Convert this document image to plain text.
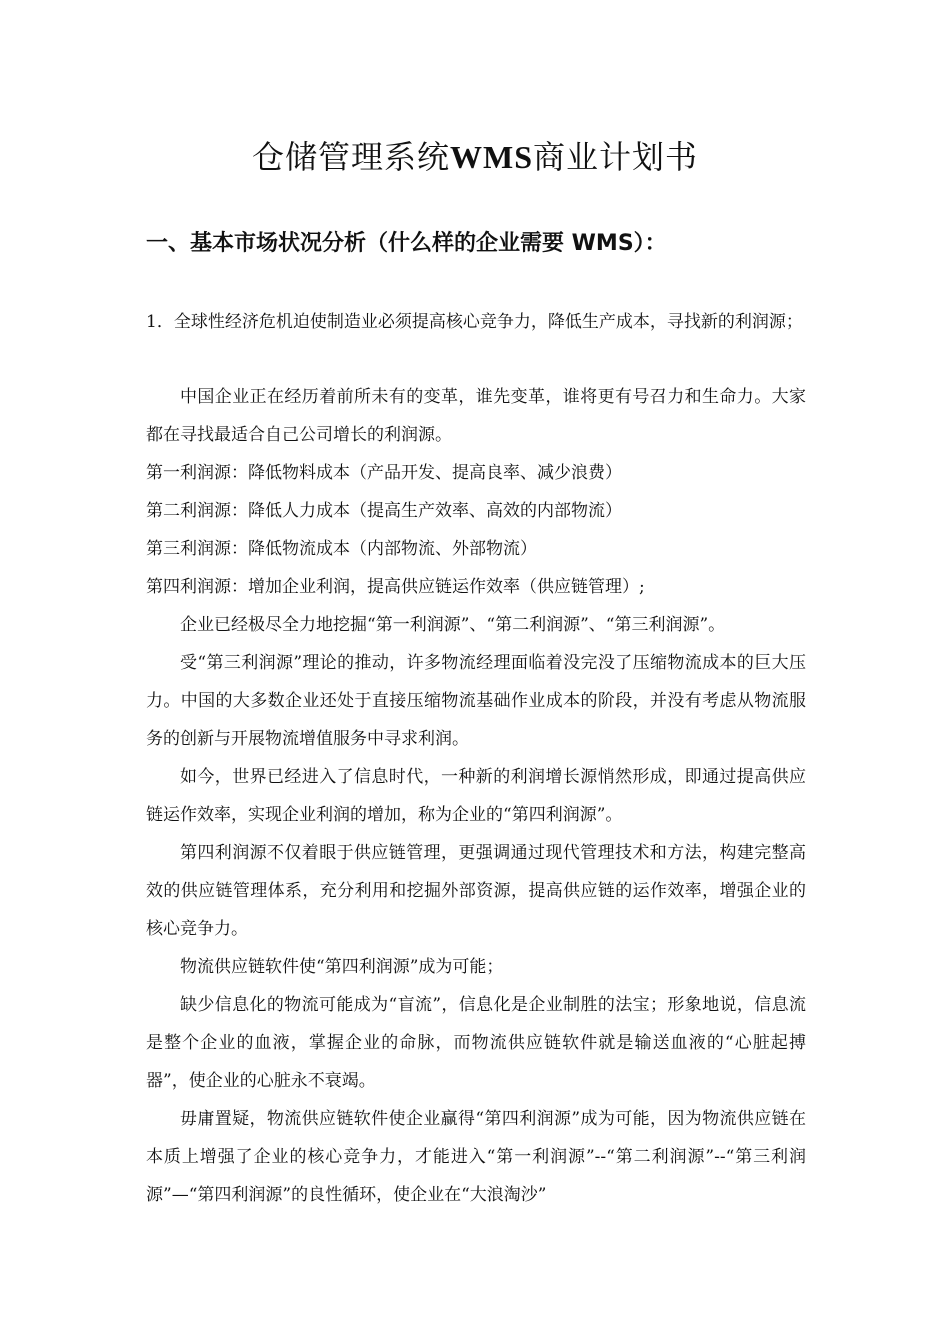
仓储管理系统WMS商业计划书
一、基本市场状况分析（什么样的企业需要 WMS）：

1．全球性经济危机迫使制造业必须提高核心竞争力，降低生产成本，寻找新的利润源；

中国企业正在经历着前所未有的变革，谁先变革，谁将更有号召力和生命力。大家都在寻找最适合自己公司增长的利润源。

第一利润源：降低物料成本（产品开发、提高良率、减少浪费）

第二利润源：降低人力成本（提高生产效率、高效的内部物流）

第三利润源：降低物流成本（内部物流、外部物流）

第四利润源：增加企业利润，提高供应链运作效率（供应链管理）;

企业已经极尽全力地挖掘“第一利润源”、“第二利润源”、“第三利润源”。

受“第三利润源”理论的推动，许多物流经理面临着没完没了压缩物流成本的巨大压力。中国的大多数企业还处于直接压缩物流基础作业成本的阶段，并没有考虑从物流服务的创新与开展物流增值服务中寻求利润。

如今，世界已经进入了信息时代，一种新的利润增长源悄然形成，即通过提高供应链运作效率，实现企业利润的增加，称为企业的“第四利润源”。

第四利润源不仅着眼于供应链管理，更强调通过现代管理技术和方法，构建完整高效的供应链管理体系，充分利用和挖掘外部资源，提高供应链的运作效率，增强企业的核心竞争力。

物流供应链软件使“第四利润源”成为可能；

缺少信息化的物流可能成为“盲流”，信息化是企业制胜的法宝；形象地说，信息流是整个企业的血液，掌握企业的命脉，而物流供应链软件就是输送血液的“心脏起搏器”，使企业的心脏永不衰竭。

毋庸置疑，物流供应链软件使企业赢得“第四利润源”成为可能，因为物流供应链在本质上增强了企业的核心竞争力，才能进入“第一利润源”--“第二利润源”--“第三利润源”—“第四利润源”的良性循环，使企业在“大浪淘沙”
